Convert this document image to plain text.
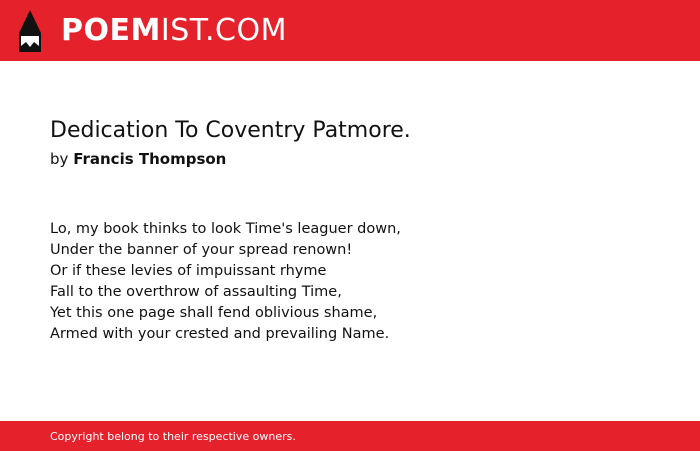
POEMIST.COM
Dedication To Coventry Patmore.
by Francis Thompson
Lo, my book thinks to look Time's leaguer down,
Under the banner of your spread renown!
Or if these levies of impuissant rhyme
Fall to the overthrow of assaulting Time,
Yet this one page shall fend oblivious shame,
Armed with your crested and prevailing Name.
Copyright belong to their respective owners.
